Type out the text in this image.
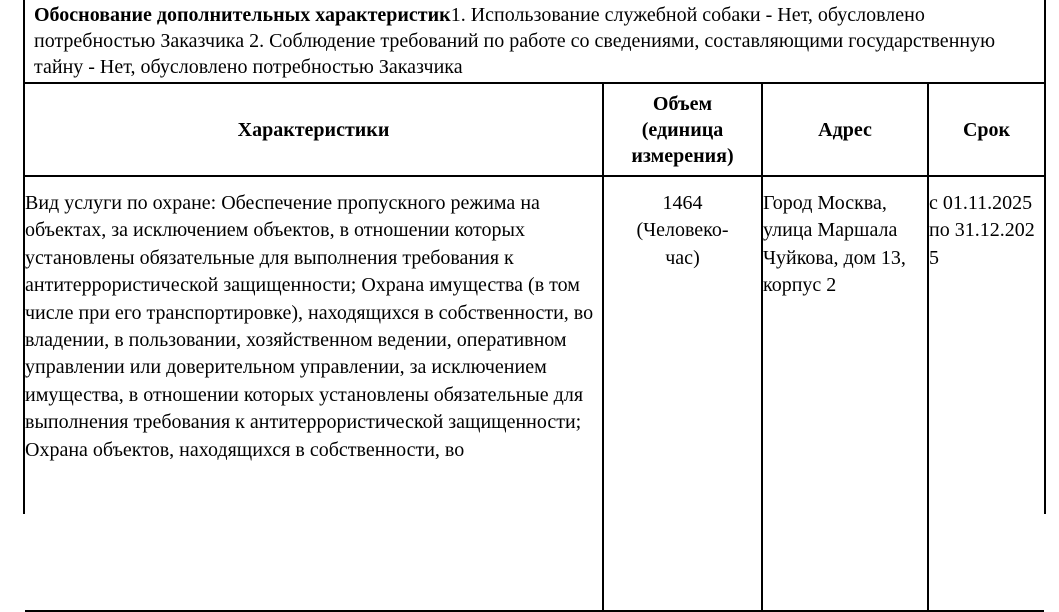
Обоснование дополнительных характеристик1. Использование служебной собаки - Нет, обусловлено потребностью Заказчика 2. Соблюдение требований по работе со сведениями, составляющими государственную тайну - Нет, обусловлено потребностью Заказчика
Характеристики	Объем (единица измерения)	Адрес	Срок

Вид услуги по охране: Обеспечение пропускного режима на объектах, за исключением объектов, в отношении которых установлены обязательные для выполнения требования к антитеррористической защищенности; Охрана имущества (в том числе при его транспортировке), находящихся в собственности, во владении, в пользовании, хозяйственном ведении, оперативном управлении или доверительном управлении, за исключением имущества, в отношении которых установлены обязательные для выполнения требования к антитеррористической защищенности; Охрана объектов, находящихся в собственности, во	1464 (Человеко-час)	Город Москва, улица Маршала Чуйкова, дом 13, корпус 2	с 01.11.2025 по 31.12.2025
